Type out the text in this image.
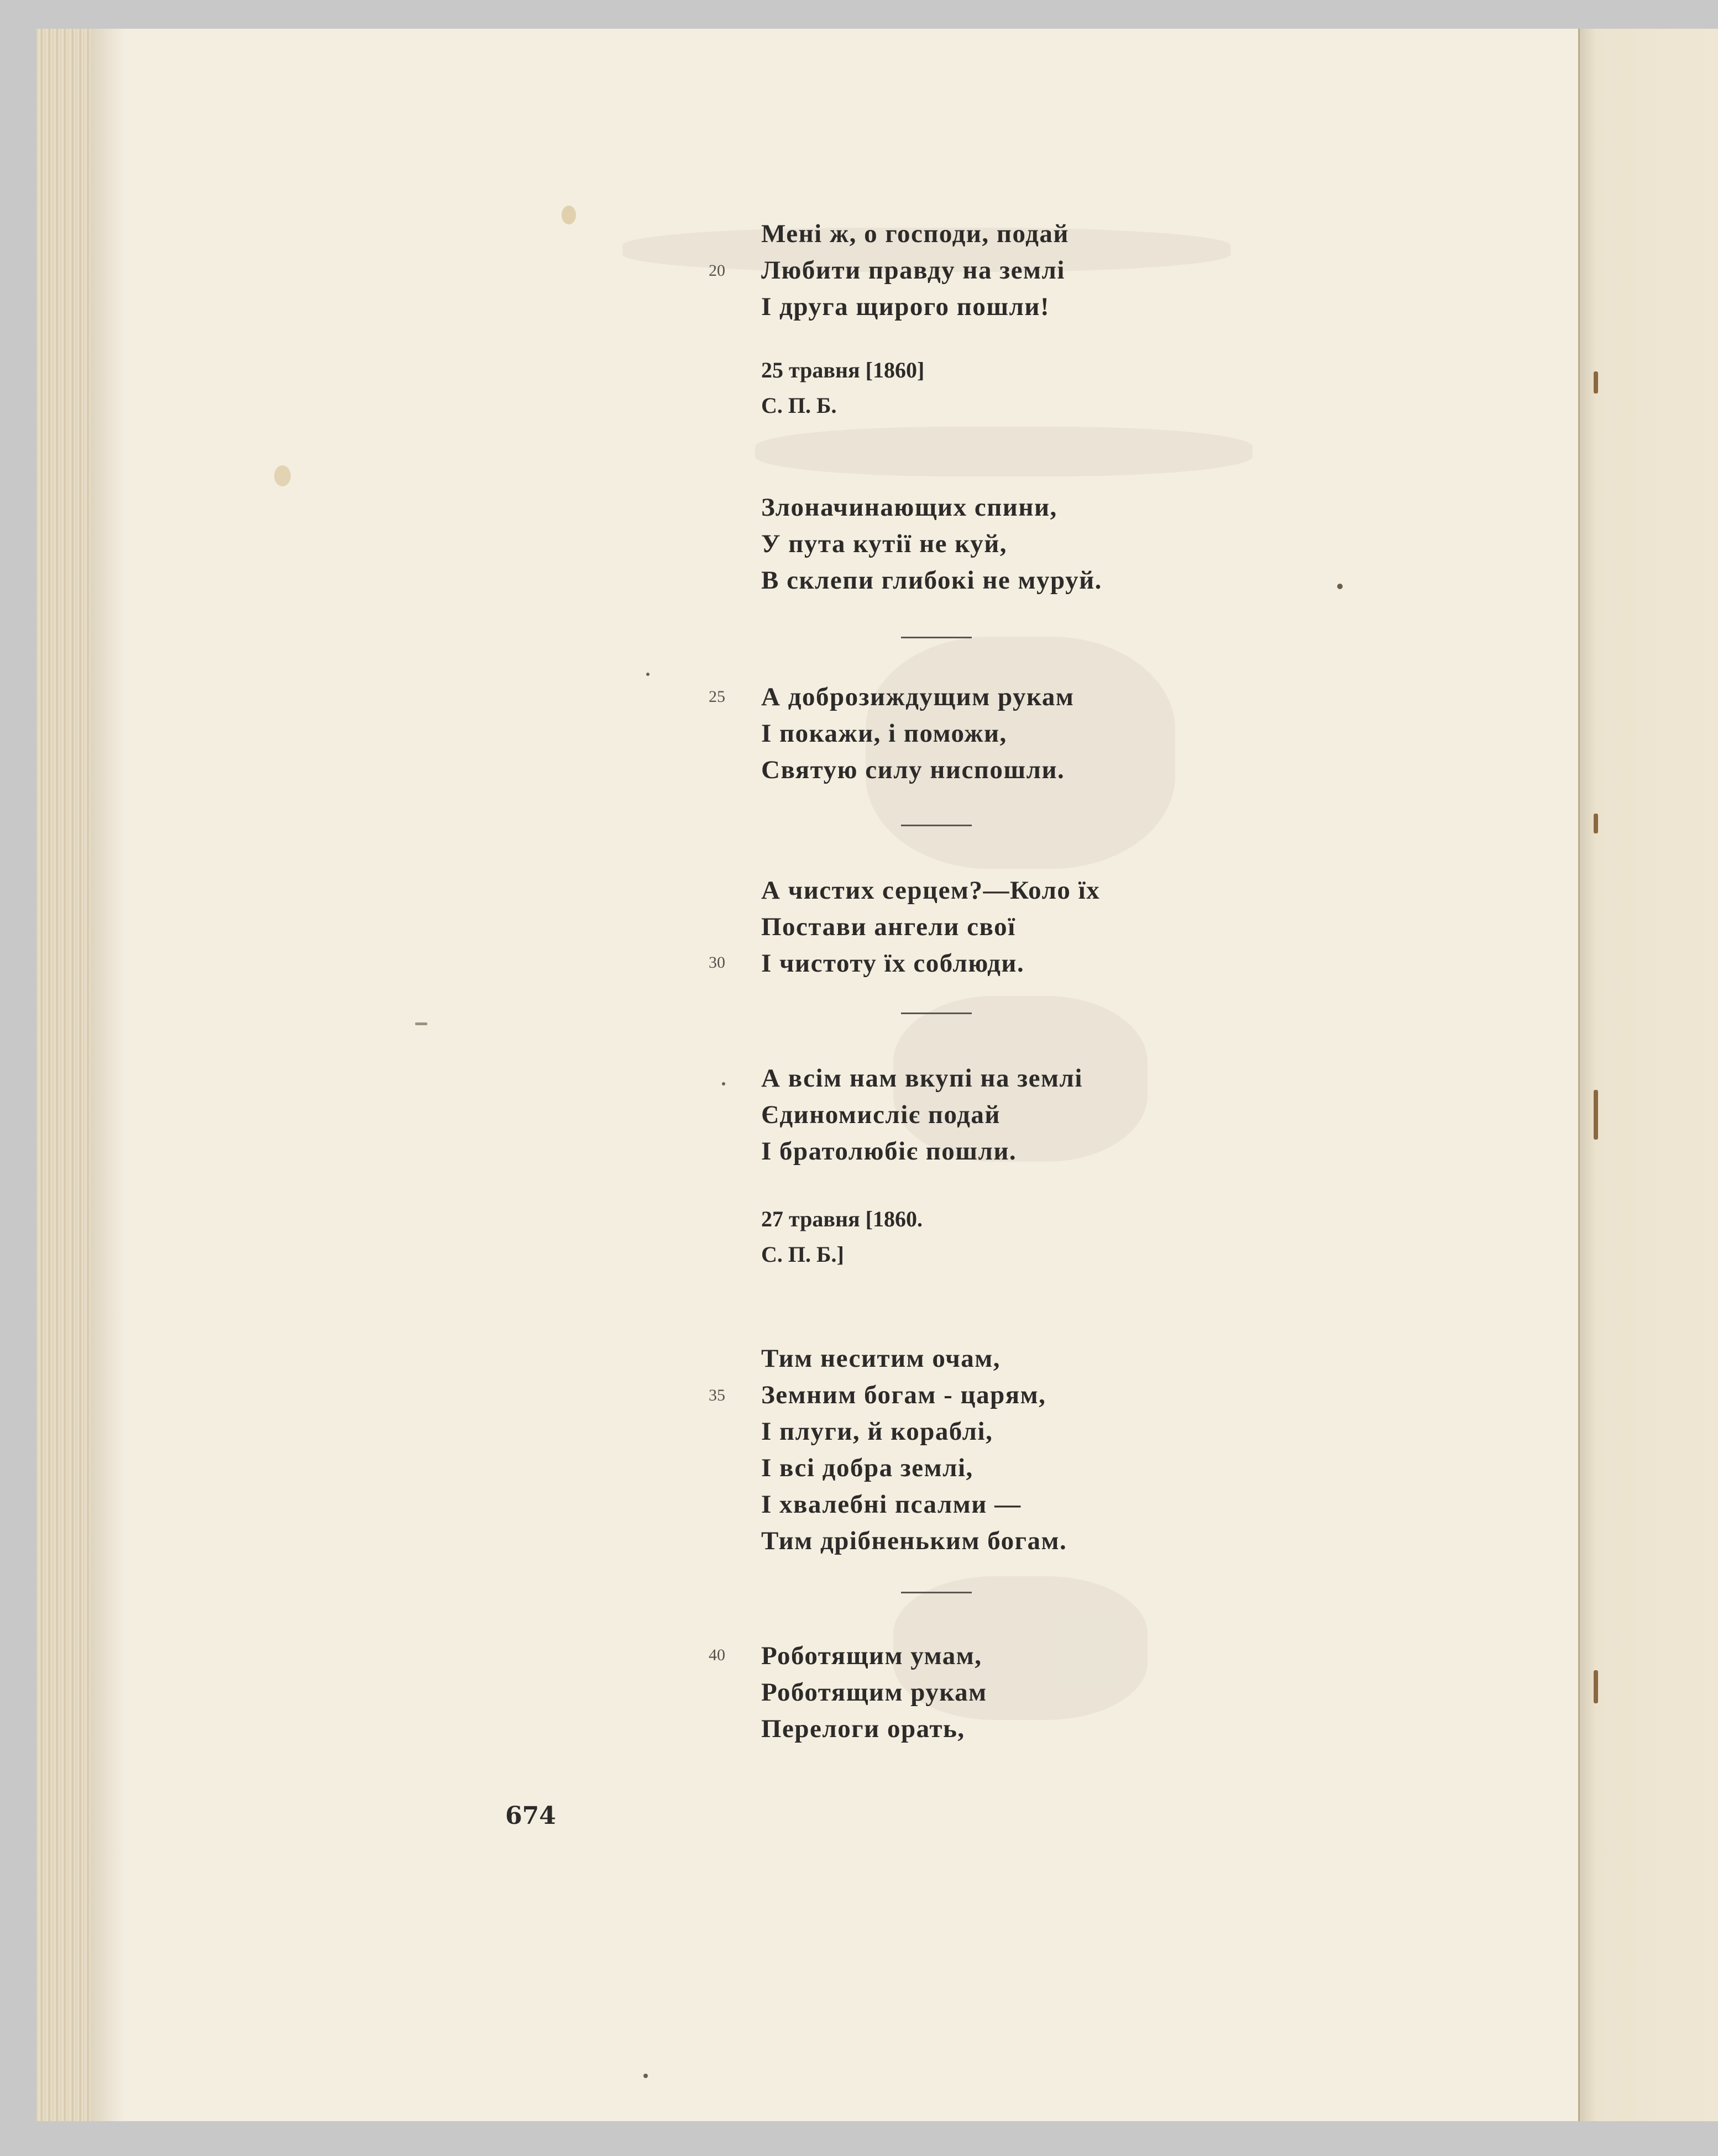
674
20
25
30
35
40
Мені ж, о господи, подай
Любити правду на землі
І друга щирого пошли!
25 травня [1860]
С. П. Б.
Злоначинающих спини,
У пута кутії не куй,
В склепи глибокі не муруй.
А доброзиждущим рукам
І покажи, і поможи,
Святую силу ниспошли.
А чистих серцем?—Коло їх
Постави ангели свої
І чистоту їх соблюди.
А всім нам вкупі на землі
Єдиномисліє подай
І братолюбіє пошли.
27 травня [1860.
С. П. Б.]
Тим неситим очам,
Земним богам - царям,
І плуги, й кораблі,
І всі добра землі,
І хвалебні псалми —
Тим дрібненьким богам.
Роботящим умам,
Роботящим рукам
Перелоги орать,
